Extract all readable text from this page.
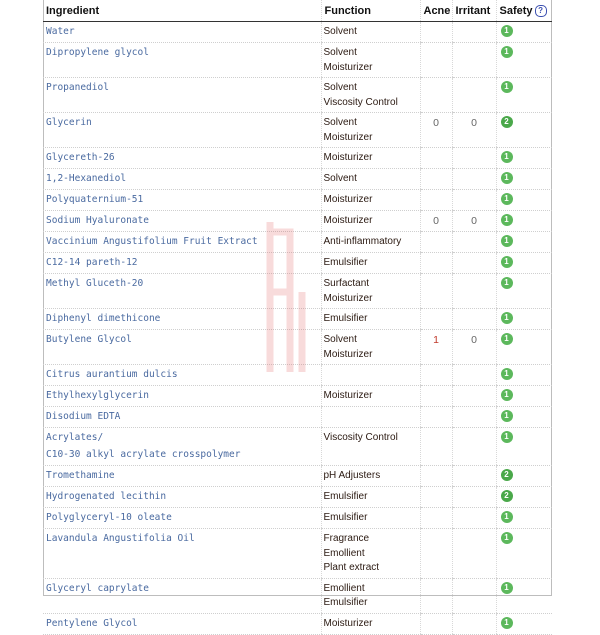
Ingredient	Function	Acne	Irritant	Safety ?

Water	Solvent			1

Dipropylene glycol	Solvent
Moisturizer			1

Propanediol	Solvent
Viscosity Control			1

Glycerin	Solvent
Moisturizer	0	0	2

Glycereth-26	Moisturizer			1

1,2-Hexanediol	Solvent			1

Polyquaternium-51	Moisturizer			1

Sodium Hyaluronate	Moisturizer	0	0	1

Vaccinium Angustifolium Fruit Extract	Anti-inflammatory			1

C12-14 pareth-12	Emulsifier			1

Methyl Gluceth-20	Surfactant
Moisturizer			1

Diphenyl dimethicone	Emulsifier			1

Butylene Glycol	Solvent
Moisturizer	1	0	1

Citrus aurantium dulcis				1

Ethylhexylglycerin	Moisturizer			1

Disodium EDTA				1

Acrylates/
C10-30 alkyl acrylate crosspolymer	Viscosity Control			1

Tromethamine	pH Adjusters			2

Hydrogenated lecithin	Emulsifier			2

Polyglyceryl-10 oleate	Emulsifier			1

Lavandula Angustifolia Oil	Fragrance
Emollient
Plant extract			1

Glyceryl caprylate	Emollient
Emulsifier			1

Pentylene Glycol	Moisturizer			1
